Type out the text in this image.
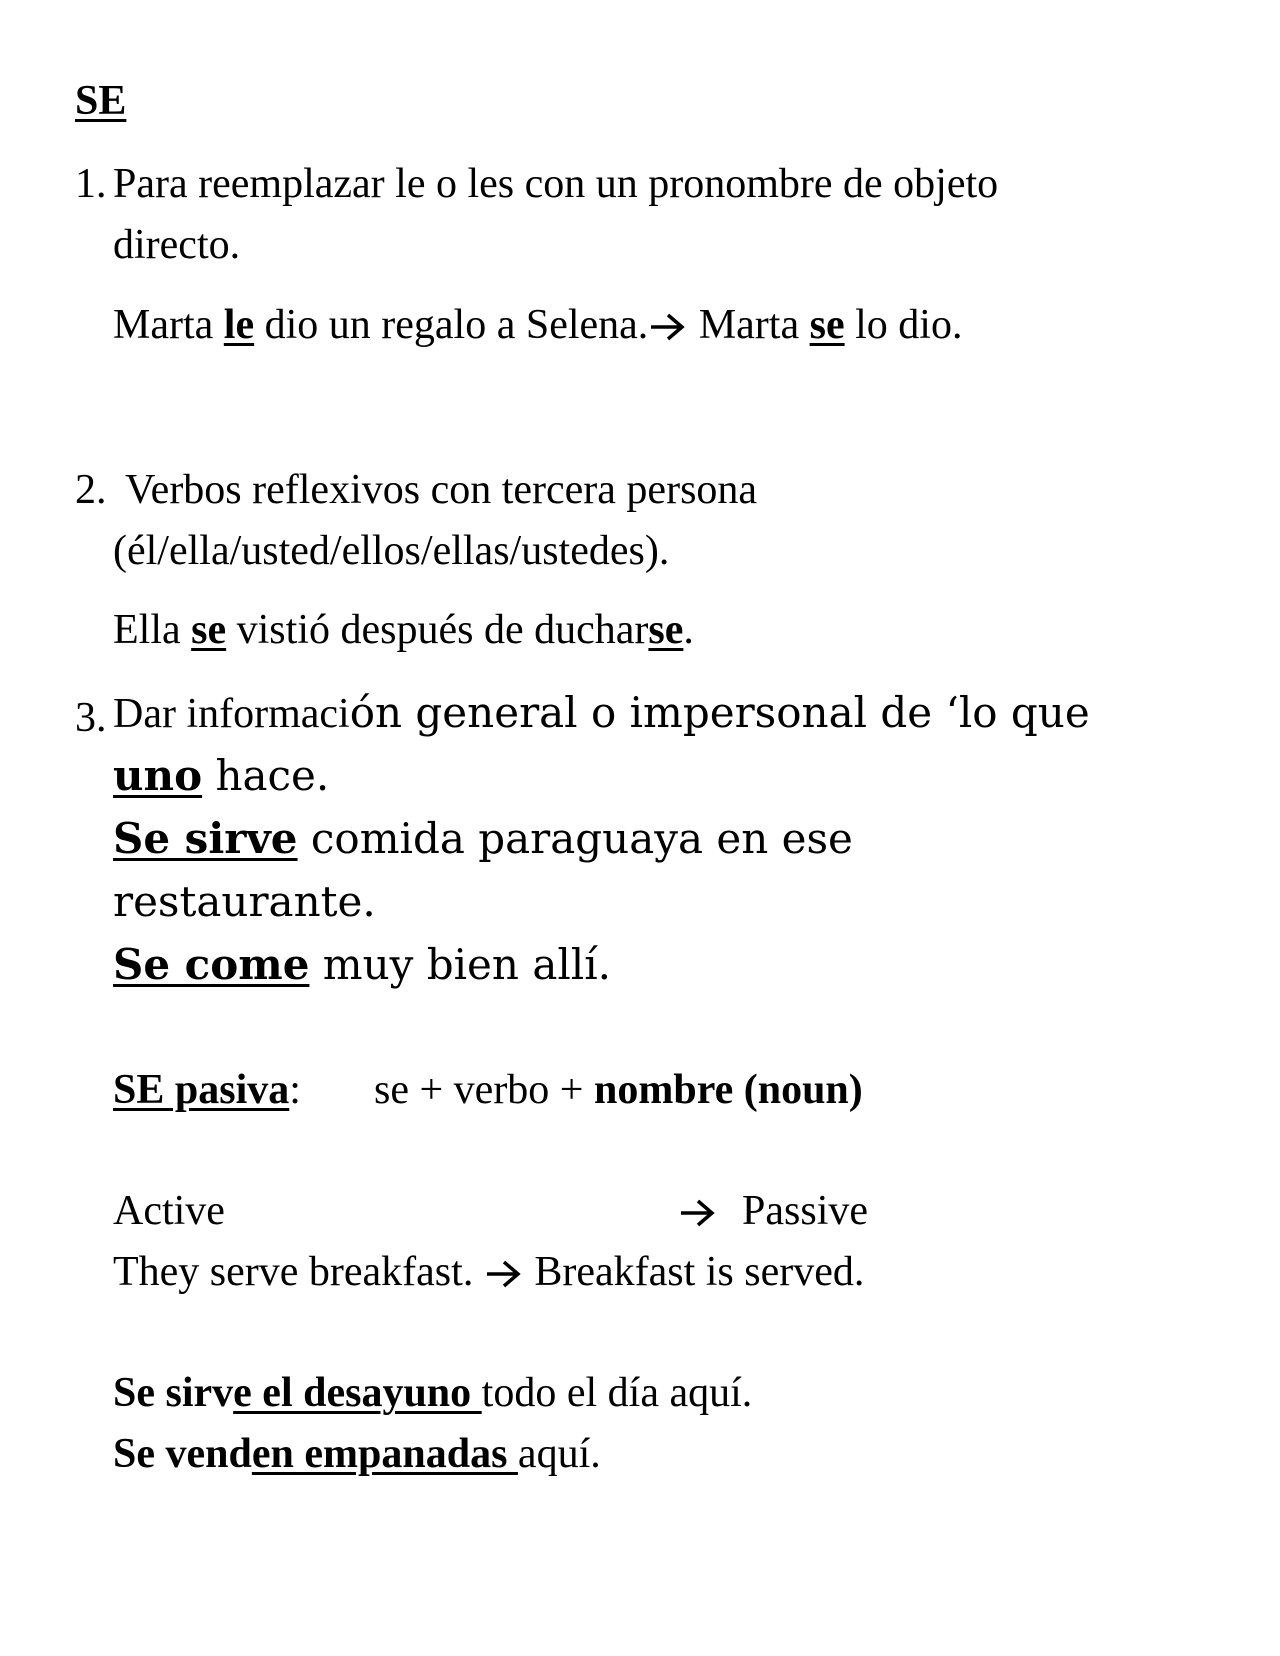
SE
1. Para reemplazar le o les con un pronombre de objeto
directo.
Marta le dio un regalo a Selena.
Marta se lo dio.
2. Verbos reflexivos con tercera persona
(él/ella/usted/ellos/ellas/ustedes).
Ella se vistió después de ducharse.
3. Dar información general o impersonal de ‘lo que
uno hace.
Se sirve comida paraguaya en ese
restaurante.
Se come muy bien allí.
SE pasiva: se + verbo + nombre (noun)
Active	Passive
They serve breakfast. Breakfast is served.
Se sirve el desayuno todo el día aquí.
Se venden empanadas aquí.
